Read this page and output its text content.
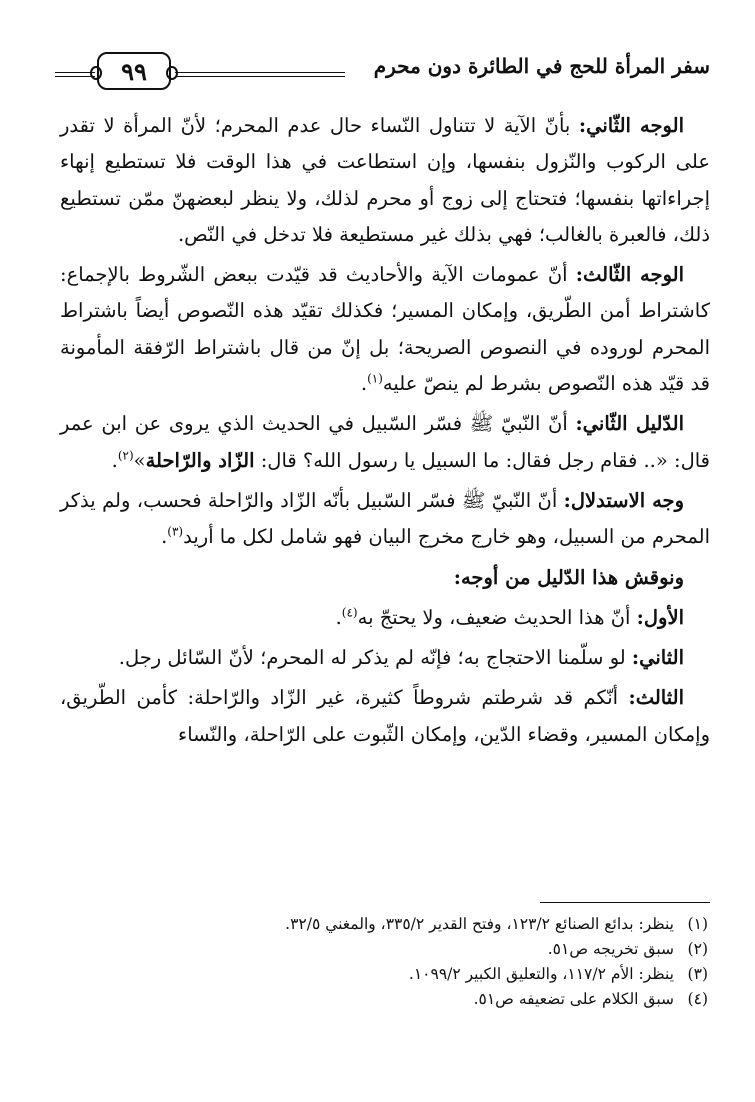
سفر المرأة للحج في الطائرة دون محرم
٩٩

الوجه الثّاني: بأنّ الآية لا تتناول النّساء حال عدم المحرم؛ لأنّ المرأة لا تقدر على الركوب والنّزول بنفسها، وإن استطاعت في هذا الوقت فلا تستطيع إنهاء إجراءاتها بنفسها؛ فتحتاج إلى زوج أو محرم لذلك، ولا ينظر لبعضهنّ ممّن تستطيع ذلك، فالعبرة بالغالب؛ فهي بذلك غير مستطيعة فلا تدخل في النّص.

الوجه الثّالث: أنّ عمومات الآية والأحاديث قد قيّدت ببعض الشّروط بالإجماع: كاشتراط أمن الطّريق، وإمكان المسير؛ فكذلك تقيّد هذه النّصوص أيضاً باشتراط المحرم لوروده في النصوص الصريحة؛ بل إنّ من قال باشتراط الرّفقة المأمونة قد قيّد هذه النّصوص بشرط لم ينصّ عليه$^{(١)}$.

الدّليل الثّاني: أنّ النّبيّ ﷺ فسّر السّبيل في الحديث الذي يروى عن ابن عمر قال: «.. فقام رجل فقال: ما السبيل يا رسول الله؟ قال: الزّاد والرّاحلة»$^{(٢)}$.

وجه الاستدلال: أنّ النّبيّ ﷺ فسّر السّبيل بأنّه الزّاد والرّاحلة فحسب، ولم يذكر المحرم من السبيل، وهو خارج مخرج البيان فهو شامل لكل ما أريد$^{(٣)}$.

ونوقش هذا الدّليل من أوجه:

الأول: أنّ هذا الحديث ضعيف، ولا يحتجّ به$^{(٤)}$.

الثاني: لو سلّمنا الاحتجاج به؛ فإنّه لم يذكر له المحرم؛ لأنّ السّائل رجل.

الثالث: أنّكم قد شرطتم شروطاً كثيرة، غير الزّاد والرّاحلة: كأمن الطّريق، وإمكان المسير، وقضاء الدّين، وإمكان الثّبوت على الرّاحلة، والنّساء

(١)
ينظر: بدائع الصنائع ١٢٣/٢، وفتح القدير ٣٣٥/٢، والمغني ٣٢/٥.
(٢)
سبق تخريجه ص٥١.
(٣)
ينظر: الأم ١١٧/٢، والتعليق الكبير ١٠٩٩/٢.
(٤)
سبق الكلام على تضعيفه ص٥١.
